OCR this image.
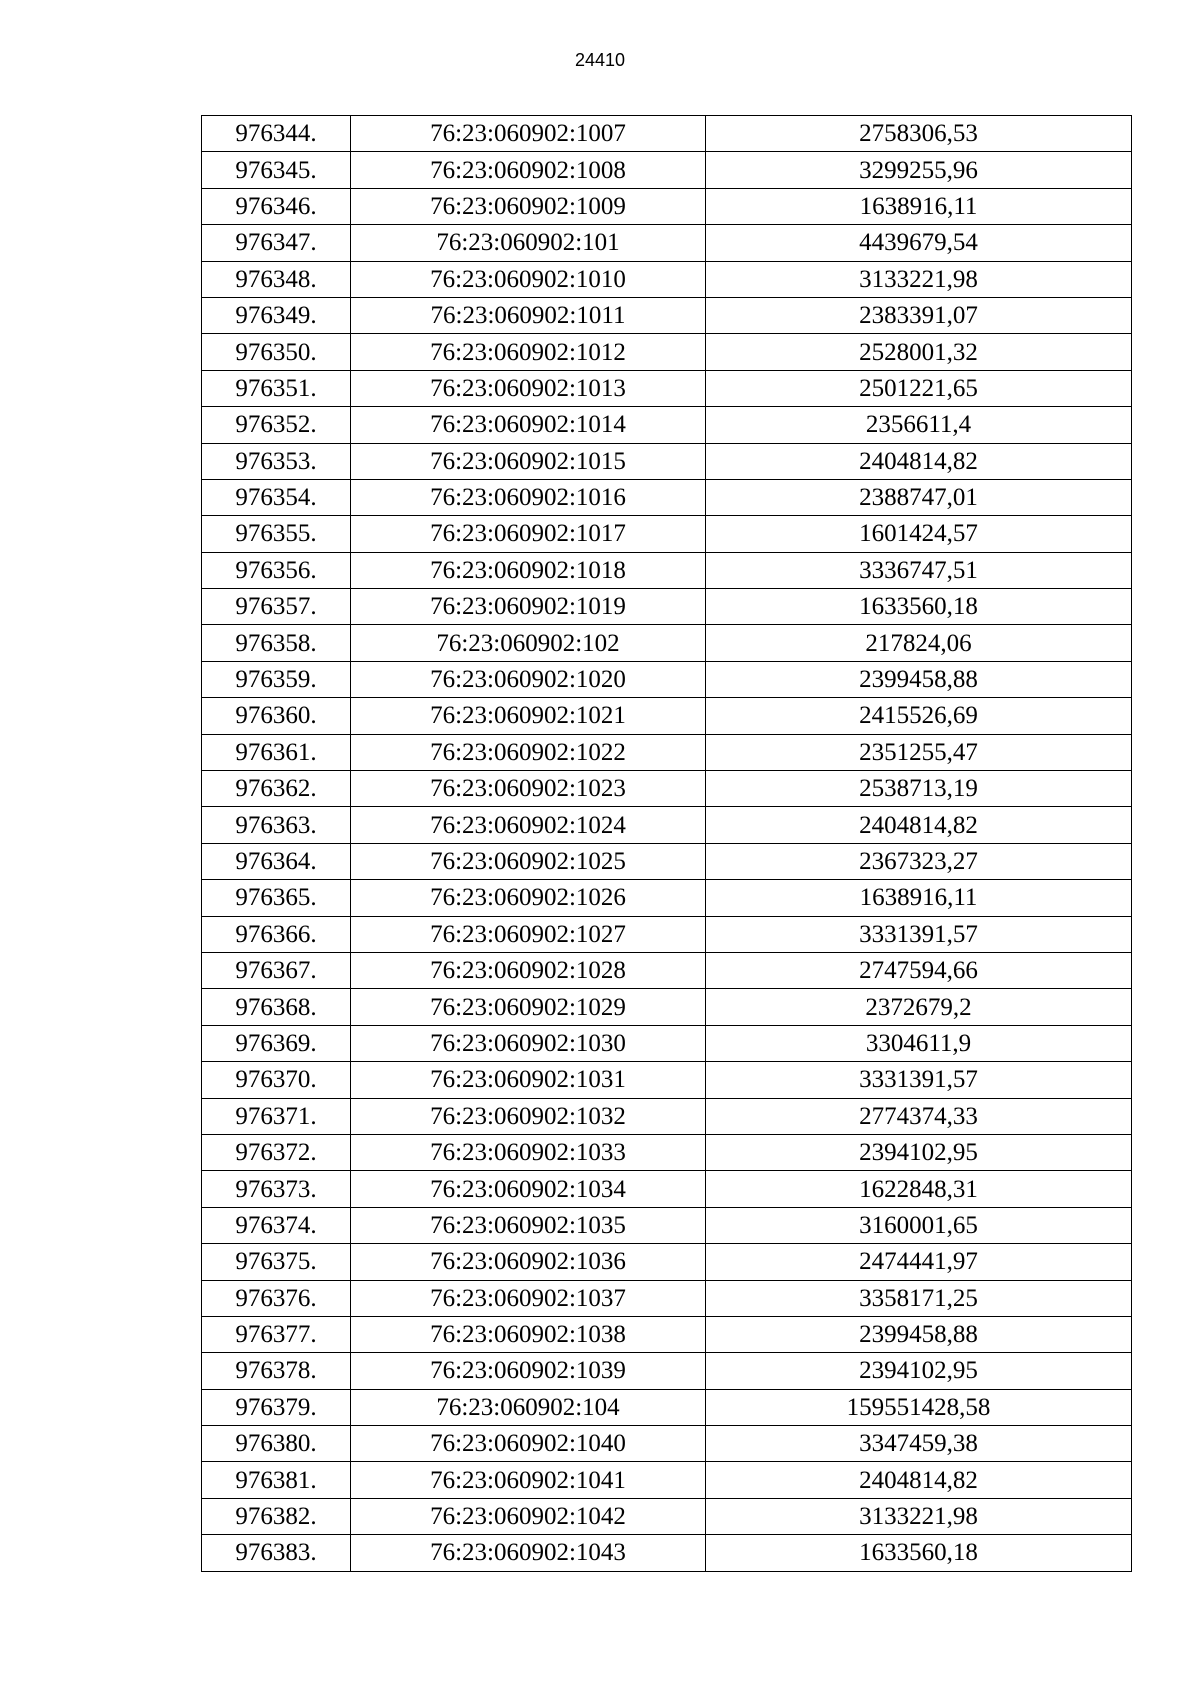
24410
976344.	76:23:060902:1007	2758306,53
976345.	76:23:060902:1008	3299255,96
976346.	76:23:060902:1009	1638916,11
976347.	76:23:060902:101	4439679,54
976348.	76:23:060902:1010	3133221,98
976349.	76:23:060902:1011	2383391,07
976350.	76:23:060902:1012	2528001,32
976351.	76:23:060902:1013	2501221,65
976352.	76:23:060902:1014	2356611,4
976353.	76:23:060902:1015	2404814,82
976354.	76:23:060902:1016	2388747,01
976355.	76:23:060902:1017	1601424,57
976356.	76:23:060902:1018	3336747,51
976357.	76:23:060902:1019	1633560,18
976358.	76:23:060902:102	217824,06
976359.	76:23:060902:1020	2399458,88
976360.	76:23:060902:1021	2415526,69
976361.	76:23:060902:1022	2351255,47
976362.	76:23:060902:1023	2538713,19
976363.	76:23:060902:1024	2404814,82
976364.	76:23:060902:1025	2367323,27
976365.	76:23:060902:1026	1638916,11
976366.	76:23:060902:1027	3331391,57
976367.	76:23:060902:1028	2747594,66
976368.	76:23:060902:1029	2372679,2
976369.	76:23:060902:1030	3304611,9
976370.	76:23:060902:1031	3331391,57
976371.	76:23:060902:1032	2774374,33
976372.	76:23:060902:1033	2394102,95
976373.	76:23:060902:1034	1622848,31
976374.	76:23:060902:1035	3160001,65
976375.	76:23:060902:1036	2474441,97
976376.	76:23:060902:1037	3358171,25
976377.	76:23:060902:1038	2399458,88
976378.	76:23:060902:1039	2394102,95
976379.	76:23:060902:104	159551428,58
976380.	76:23:060902:1040	3347459,38
976381.	76:23:060902:1041	2404814,82
976382.	76:23:060902:1042	3133221,98
976383.	76:23:060902:1043	1633560,18
